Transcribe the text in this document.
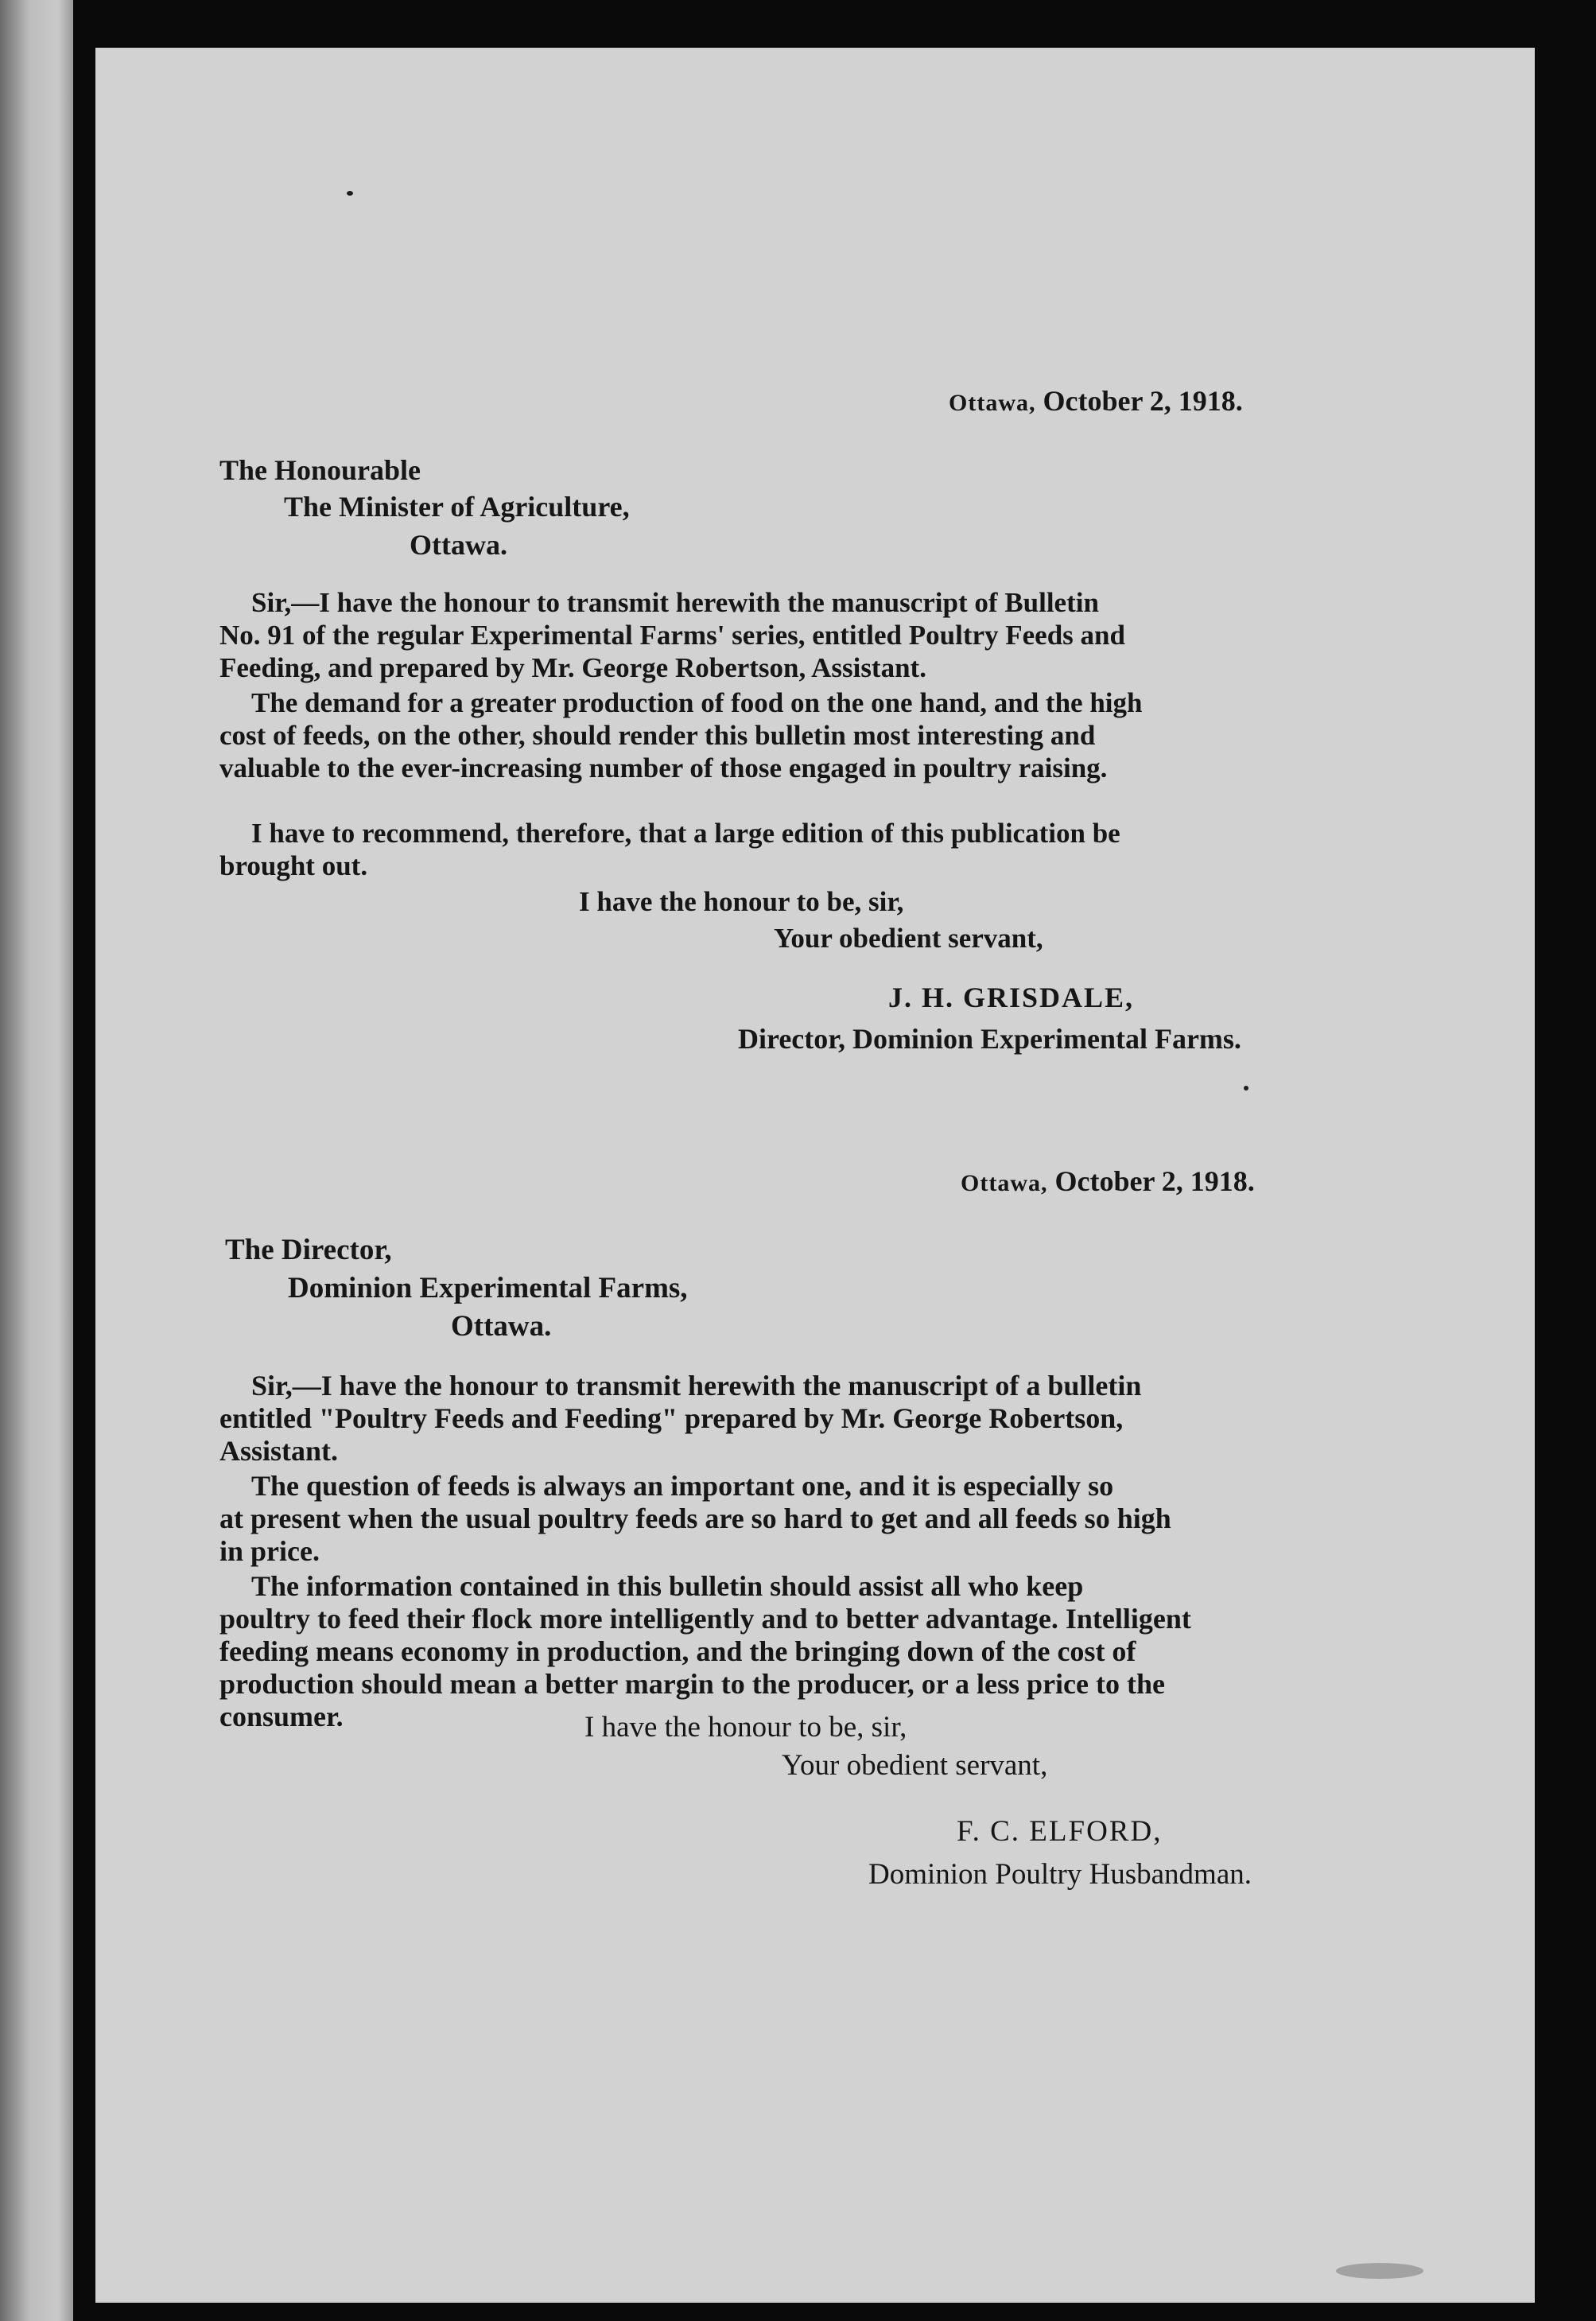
Ottawa, October 2, 1918.
The Honourable
The Minister of Agriculture,
Ottawa.
Sir,—I have the honour to transmit herewith the manuscript of Bulletin
No. 91 of the regular Experimental Farms' series, entitled Poultry Feeds and
Feeding, and prepared by Mr. George Robertson, Assistant.
The demand for a greater production of food on the one hand, and the high
cost of feeds, on the other, should render this bulletin most interesting and
valuable to the ever-increasing number of those engaged in poultry raising.
I have to recommend, therefore, that a large edition of this publication be
brought out.
I have the honour to be, sir,
Your obedient servant,
J. H. GRISDALE,
Director, Dominion Experimental Farms.
Ottawa, October 2, 1918.
The Director,
Dominion Experimental Farms,
Ottawa.
Sir,—I have the honour to transmit herewith the manuscript of a bulletin
entitled "Poultry Feeds and Feeding" prepared by Mr. George Robertson,
Assistant.
The question of feeds is always an important one, and it is especially so
at present when the usual poultry feeds are so hard to get and all feeds so high
in price.
The information contained in this bulletin should assist all who keep
poultry to feed their flock more intelligently and to better advantage. Intelligent
feeding means economy in production, and the bringing down of the cost of
production should mean a better margin to the producer, or a less price to the
consumer.	I have the honour to be, sir,
Your obedient servant,
F. C. ELFORD,
Dominion Poultry Husbandman.
